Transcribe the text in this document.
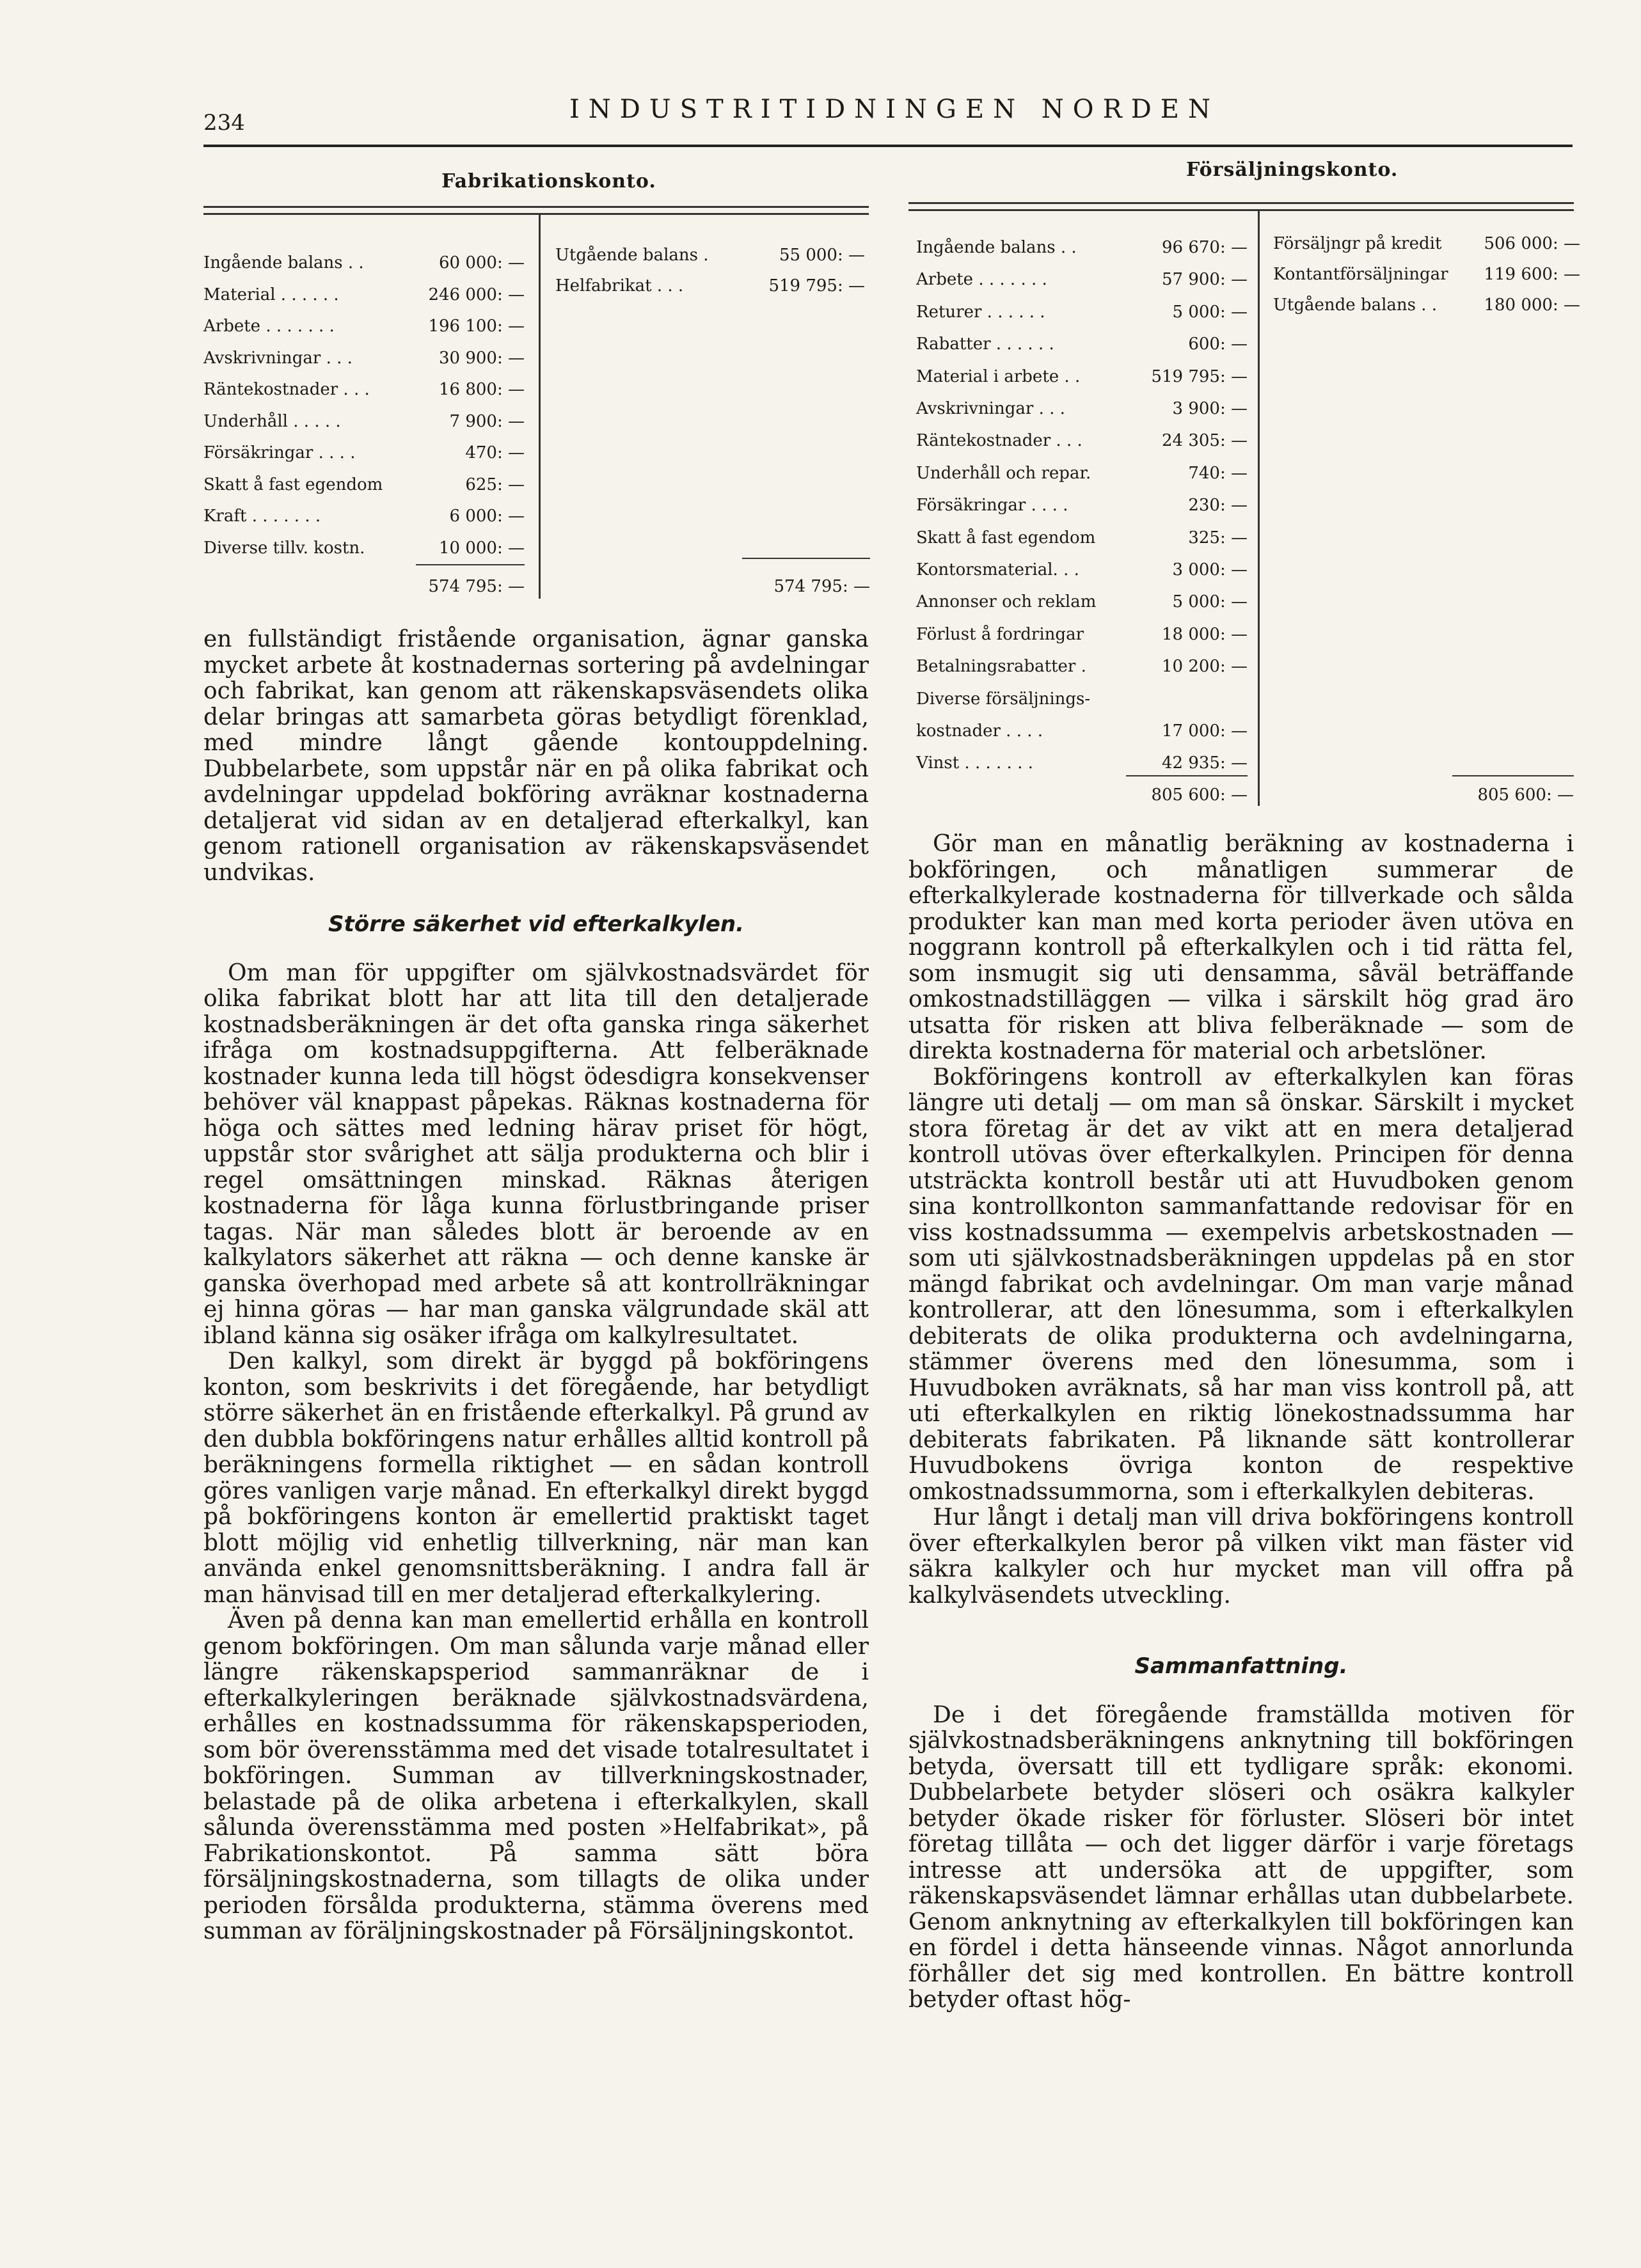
234	INDUSTRITIDNINGEN NORDEN
Fabrikationskonto.
Ingående balans . .	60 000: —
Material . . . . . .	246 000: —
Arbete . . . . . . .	196 100: —
Avskrivningar . . .	30 900: —
Räntekostnader . . .	16 800: —
Underhåll . . . . .	7 900: —
Försäkringar . . . .	470: —
Skatt å fast egendom	625: —
Kraft . . . . . . .	6 000: —
Diverse tillv. kostn.	10 000: —
Utgående balans .	55 000: —
Helfabrikat . . .	519 795: —
574 795: —	574 795: —
Försäljningskonto.
Ingående balans . .	96 670: —
Arbete . . . . . . .	57 900: —
Returer . . . . . .	5 000: —
Rabatter . . . . . .	600: —
Material i arbete . .	519 795: —
Avskrivningar . . .	3 900: —
Räntekostnader . . .	24 305: —
Underhåll och repar.	740: —
Försäkringar . . . .	230: —
Skatt å fast egendom	325: —
Kontorsmaterial. . .	3 000: —
Annonser och reklam	5 000: —
Förlust å fordringar	18 000: —
Betalningsrabatter .	10 200: —
Diverse försäljnings-
kostnader . . . .	17 000: —
Vinst . . . . . . .	42 935: —
Försäljngr på kredit	506 000: —
Kontantförsäljningar 119 600: —
Utgående balans . .	180 000: —
805 600: —	805 600: —

en fullständigt fristående organisation, ägnar ganska mycket arbete åt kostnadernas sortering på avdelningar och fabrikat, kan genom att räkenskapsväsendets olika delar bringas att samarbeta göras betydligt förenklad, med mindre långt gående kontouppdelning. Dubbelarbete, som uppstår när en på olika fabrikat och avdelningar uppdelad bokföring avräknar kostnaderna detaljerat vid sidan av en detaljerad efterkalkyl, kan genom rationell organisation av räkenskapsväsendet undvikas.

Större säkerhet vid efterkalkylen.

Om man för uppgifter om självkostnadsvärdet för olika fabrikat blott har att lita till den detaljerade kostnadsberäkningen är det ofta ganska ringa säkerhet ifråga om kostnadsuppgifterna. Att felberäknade kostnader kunna leda till högst ödesdigra konsekvenser behöver väl knappast påpekas. Räknas kostnaderna för höga och sättes med ledning härav priset för högt, uppstår stor svårighet att sälja produkterna och blir i regel omsättningen minskad. Räknas återigen kostnaderna för låga kunna förlustbringande priser tagas. När man således blott är beroende av en kalkylators säkerhet att räkna — och denne kanske är ganska överhopad med arbete så att kontrollräkningar ej hinna göras — har man ganska välgrundade skäl att ibland känna sig osäker ifråga om kalkylresultatet.

Den kalkyl, som direkt är byggd på bokföringens konton, som beskrivits i det föregående, har betydligt större säkerhet än en fristående efterkalkyl. På grund av den dubbla bokföringens natur erhålles alltid kontroll på beräkningens formella riktighet — en sådan kontroll göres vanligen varje månad. En efterkalkyl direkt byggd på bokföringens konton är emellertid praktiskt taget blott möjlig vid enhetlig tillverkning, när man kan använda enkel genomsnittsberäkning. I andra fall är man hänvisad till en mer detaljerad efterkalkylering.

Även på denna kan man emellertid erhålla en kontroll genom bokföringen. Om man sålunda varje månad eller längre räkenskapsperiod sammanräknar de i efterkalkyleringen beräknade självkostnadsvärdena, erhålles en kostnadssumma för räkenskapsperioden, som bör överensstämma med det visade totalresultatet i bokföringen. Summan av tillverkningskostnader, belastade på de olika arbetena i efterkalkylen, skall sålunda överensstämma med posten »Helfabrikat», på Fabrikationskontot. På samma sätt böra försäljningskostnaderna, som tillagts de olika under perioden försålda produkterna, stämma överens med summan av föräljningskostnader på Försäljningskontot.

Gör man en månatlig beräkning av kostnaderna i bokföringen, och månatligen summerar de efterkalkylerade kostnaderna för tillverkade och sålda produkter kan man med korta perioder även utöva en noggrann kontroll på efterkalkylen och i tid rätta fel, som insmugit sig uti densamma, såväl beträffande omkostnadstilläggen — vilka i särskilt hög grad äro utsatta för risken att bliva felberäknade — som de direkta kostnaderna för material och arbetslöner.

Bokföringens kontroll av efterkalkylen kan föras längre uti detalj — om man så önskar. Särskilt i mycket stora företag är det av vikt att en mera detaljerad kontroll utövas över efterkalkylen. Principen för denna utsträckta kontroll består uti att Huvudboken genom sina kontrollkonton sammanfattande redovisar för en viss kostnadssumma — exempelvis arbetskostnaden — som uti självkostnadsberäkningen uppdelas på en stor mängd fabrikat och avdelningar. Om man varje månad kontrollerar, att den lönesumma, som i efterkalkylen debiterats de olika produkterna och avdelningarna, stämmer överens med den lönesumma, som i Huvudboken avräknats, så har man viss kontroll på, att uti efterkalkylen en riktig lönekostnadssumma har debiterats fabrikaten. På liknande sätt kontrollerar Huvudbokens övriga konton de respektive omkostnadssummorna, som i efterkalkylen debiteras.

Hur långt i detalj man vill driva bokföringens kontroll över efterkalkylen beror på vilken vikt man fäster vid säkra kalkyler och hur mycket man vill offra på kalkylväsendets utveckling.

Sammanfattning.

De i det föregående framställda motiven för självkostnadsberäkningens anknytning till bokföringen betyda, översatt till ett tydligare språk: ekonomi. Dubbelarbete betyder slöseri och osäkra kalkyler betyder ökade risker för förluster. Slöseri bör intet företag tillåta — och det ligger därför i varje företags intresse att undersöka att de uppgifter, som räkenskapsväsendet lämnar erhållas utan dubbelarbete. Genom anknytning av efterkalkylen till bokföringen kan en fördel i detta hänseende vinnas. Något annorlunda förhåller det sig med kontrollen. En bättre kontroll betyder oftast hög-
